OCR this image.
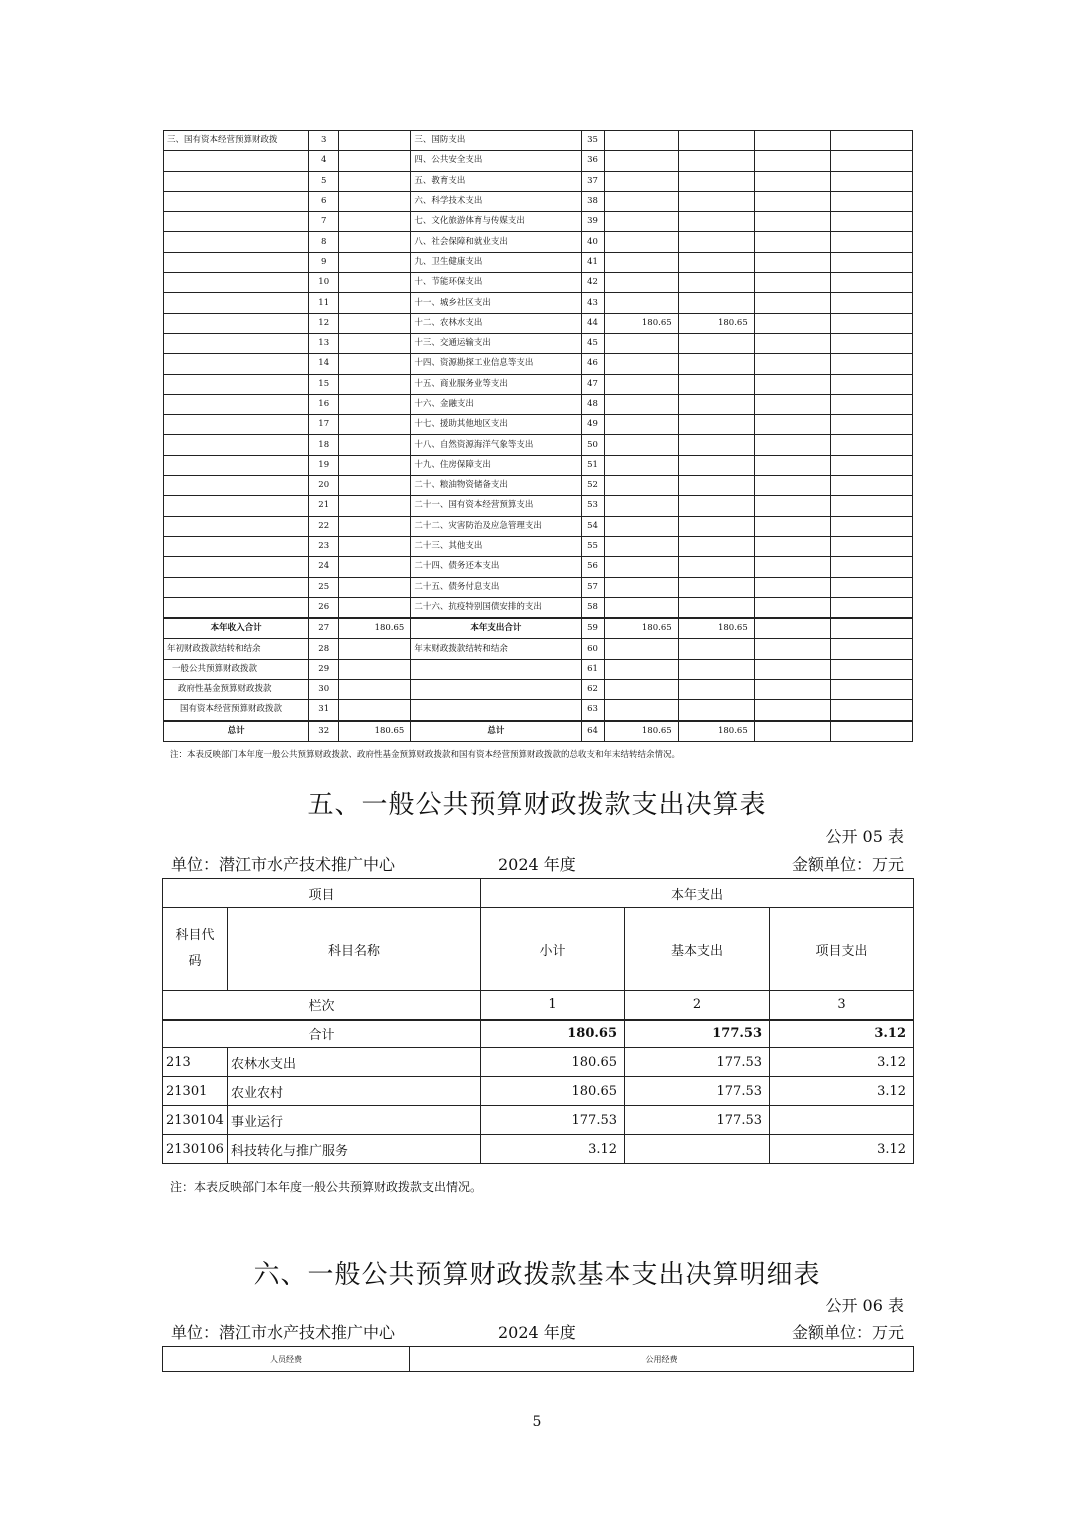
三、国有资本经营预算财政拨	3		三、国防支出	35				
	4		四、公共安全支出	36				
	5		五、教育支出	37				
	6		六、科学技术支出	38				
	7		七、文化旅游体育与传媒支出	39				
	8		八、社会保障和就业支出	40				
	9		九、卫生健康支出	41				
	10		十、节能环保支出	42				
	11		十一、城乡社区支出	43				
	12		十二、农林水支出	44	180.65	180.65		
	13		十三、交通运输支出	45				
	14		十四、资源勘探工业信息等支出	46				
	15		十五、商业服务业等支出	47				
	16		十六、金融支出	48				
	17		十七、援助其他地区支出	49				
	18		十八、自然资源海洋气象等支出	50				
	19		十九、住房保障支出	51				
	20		二十、粮油物资储备支出	52				
	21		二十一、国有资本经营预算支出	53				
	22		二十二、灾害防治及应急管理支出	54				
	23		二十三、其他支出	55				
	24		二十四、债务还本支出	56				
	25		二十五、债务付息支出	57				
	26		二十六、抗疫特别国债安排的支出	58				
本年收入合计	27	180.65	本年支出合计	59	180.65	180.65		
年初财政拨款结转和结余	28		年末财政拨款结转和结余	60				
一般公共预算财政拨款	29			61				
政府性基金预算财政拨款	30			62				
国有资本经营预算财政拨款	31			63				
总计	32	180.65	总计	64	180.65	180.65		
注：本表反映部门本年度一般公共预算财政拨款、政府性基金预算财政拨款和国有资本经营预算财政拨款的总收支和年末结转结余情况。
五、一般公共预算财政拨款支出决算表
公开 05 表
单位：潜江市水产技术推广中心	2024 年度	金额单位：万元
项目		本年支出		
科目代码	科目名称	小计	基本支出	项目支出
栏次		1	2	3
合计		180.65	177.53	3.12
213	农林水支出	180.65	177.53	3.12
21301	农业农村	180.65	177.53	3.12
2130104	事业运行	177.53	177.53	
2130106	科技转化与推广服务	3.12		3.12
注：本表反映部门本年度一般公共预算财政拨款支出情况。
六、一般公共预算财政拨款基本支出决算明细表
公开 06 表
单位：潜江市水产技术推广中心	2024 年度	金额单位：万元
人员经费	公用经费
5
